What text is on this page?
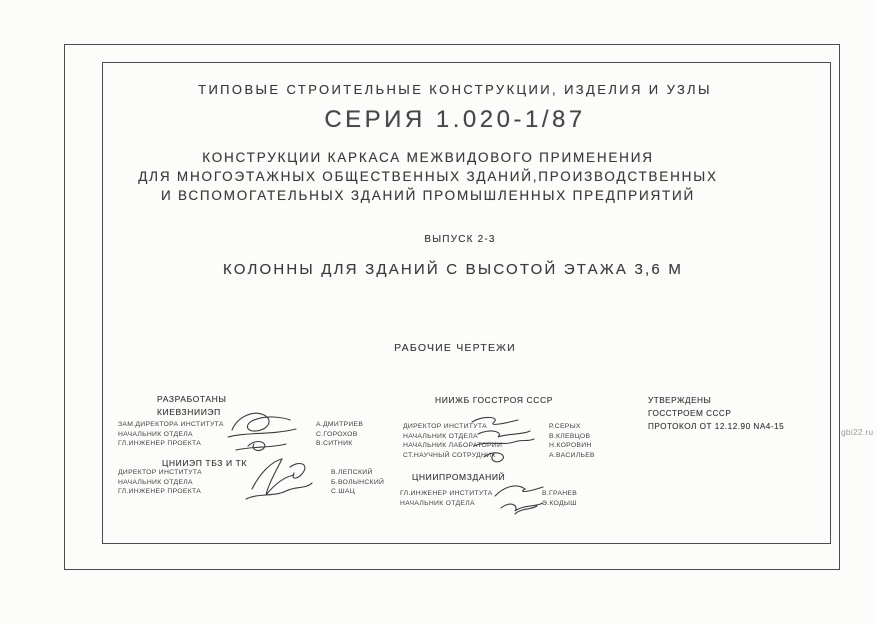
ТИПОВЫЕ СТРОИТЕЛЬНЫЕ КОНСТРУКЦИИ, ИЗДЕЛИЯ И УЗЛЫ
СЕРИЯ 1.020-1/87
КОНСТРУКЦИИ КАРКАСА МЕЖВИДОВОГО ПРИМЕНЕНИЯ
ДЛЯ МНОГОЭТАЖНЫХ ОБЩЕСТВЕННЫХ ЗДАНИЙ,ПРОИЗВОДСТВЕННЫХ
И ВСПОМОГАТЕЛЬНЫХ ЗДАНИЙ ПРОМЫШЛЕННЫХ ПРЕДПРИЯТИЙ
ВЫПУСК 2-3
КОЛОННЫ ДЛЯ ЗДАНИЙ С ВЫСОТОЙ ЭТАЖА 3,6 М
РАБОЧИЕ ЧЕРТЕЖИ
РАЗРАБОТАНЫ
КИЕВЗНИИЭП
ЗАМ.ДИРЕКТОРА ИНСТИТУТА	А.ДМИТРИЕВ
НАЧАЛЬНИК ОТДЕЛА	С.ГОРОХОВ
ГЛ.ИНЖЕНЕР ПРОЕКТА	В.СИТНИК
ЦНИИЭП ТБЗ И ТК
ДИРЕКТОР ИНСТИТУТА	В.ЛЕПСКИЙ
НАЧАЛЬНИК ОТДЕЛА	Б.ВОЛЫНСКИЙ
ГЛ.ИНЖЕНЕР ПРОЕКТА	С.ШАЦ
НИИЖБ ГОССТРОЯ СССР
ДИРЕКТОР ИНСТИТУТА	Р.СЕРЫХ
НАЧАЛЬНИК ОТДЕЛА	В.КЛЕВЦОВ
НАЧАЛЬНИК ЛАБОРАТОРИИ	Н.КОРОВИН
СТ.НАУЧНЫЙ СОТРУДНИК	А.ВАСИЛЬЕВ
ЦНИИПРОМЗДАНИЙ
ГЛ.ИНЖЕНЕР ИНСТИТУТА	В.ГРАНЕВ
НАЧАЛЬНИК ОТДЕЛА	Э.КОДЫШ
УТВЕРЖДЕНЫ
ГОССТРОЕМ СССР
ПРОТОКОЛ ОТ 12.12.90 NА4-15
gbi22.ru
